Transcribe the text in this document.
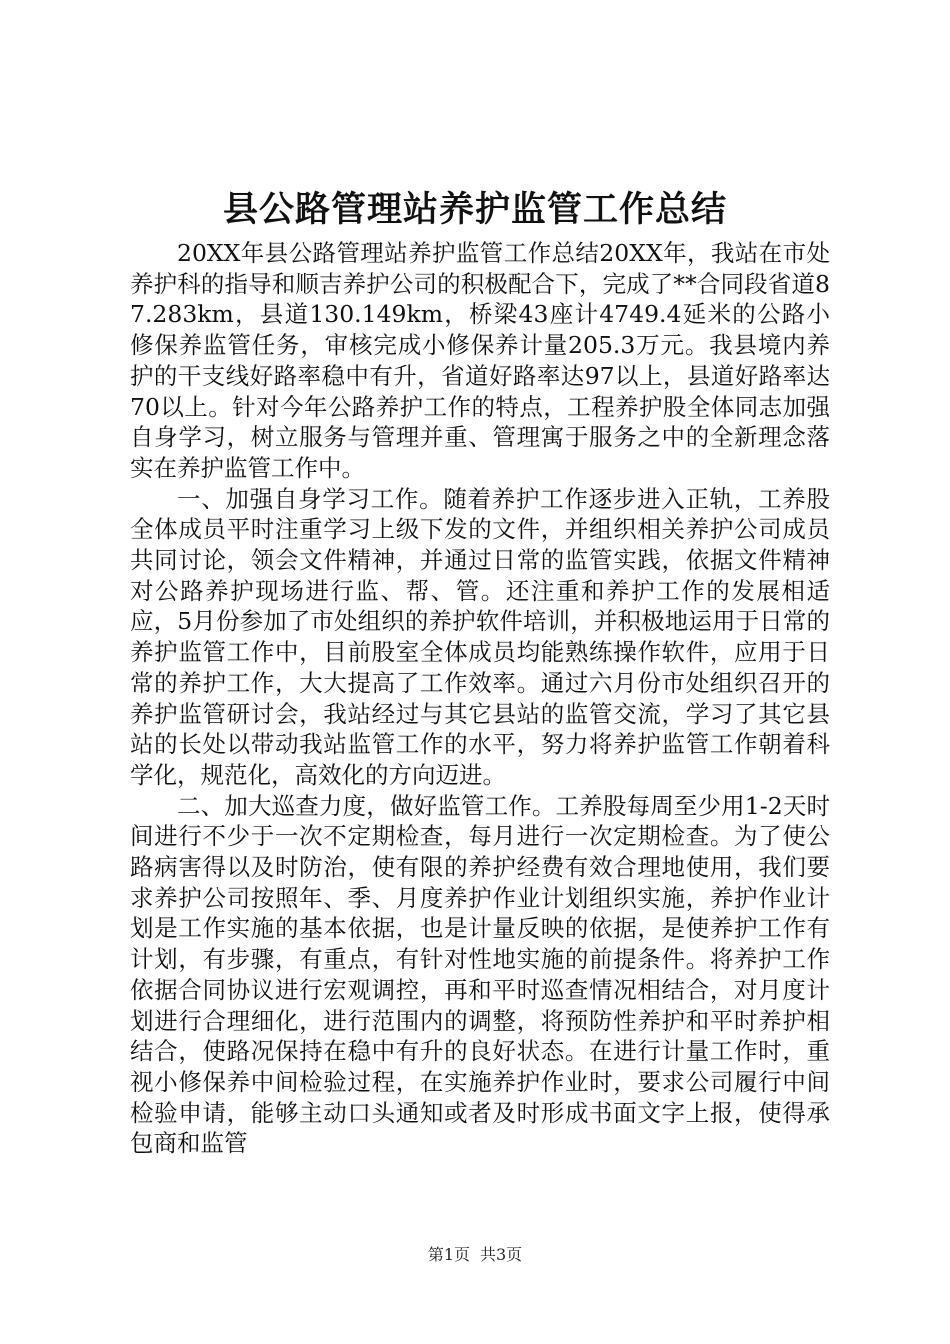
县公路管理站养护监管工作总结

20XX年县公路管理站养护监管工作总结20XX年，我站在市处养护科的指导和顺吉养护公司的积极配合下，完成了**合同段省道87.283km，县道130.149km，桥梁43座计4749.4延米的公路小修保养监管任务，审核完成小修保养计量205.3万元。我县境内养护的干支线好路率稳中有升，省道好路率达97以上，县道好路率达70以上。针对今年公路养护工作的特点，工程养护股全体同志加强自身学习，树立服务与管理并重、管理寓于服务之中的全新理念落实在养护监管工作中。

一、加强自身学习工作。随着养护工作逐步进入正轨，工养股全体成员平时注重学习上级下发的文件，并组织相关养护公司成员共同讨论，领会文件精神，并通过日常的监管实践，依据文件精神对公路养护现场进行监、帮、管。还注重和养护工作的发展相适应，5月份参加了市处组织的养护软件培训，并积极地运用于日常的养护监管工作中，目前股室全体成员均能熟练操作软件，应用于日常的养护工作，大大提高了工作效率。通过六月份市处组织召开的养护监管研讨会，我站经过与其它县站的监管交流，学习了其它县站的长处以带动我站监管工作的水平，努力将养护监管工作朝着科学化，规范化，高效化的方向迈进。

二、加大巡查力度，做好监管工作。工养股每周至少用1-2天时间进行不少于一次不定期检查，每月进行一次定期检查。为了使公路病害得以及时防治，使有限的养护经费有效合理地使用，我们要求养护公司按照年、季、月度养护作业计划组织实施，养护作业计划是工作实施的基本依据，也是计量反映的依据，是使养护工作有计划，有步骤，有重点，有针对性地实施的前提条件。将养护工作依据合同协议进行宏观调控，再和平时巡查情况相结合，对月度计划进行合理细化，进行范围内的调整，将预防性养护和平时养护相结合，使路况保持在稳中有升的良好状态。在进行计量工作时，重视小修保养中间检验过程，在实施养护作业时，要求公司履行中间检验申请，能够主动口头通知或者及时形成书面文字上报，使得承包商和监管

第1页 共3页
